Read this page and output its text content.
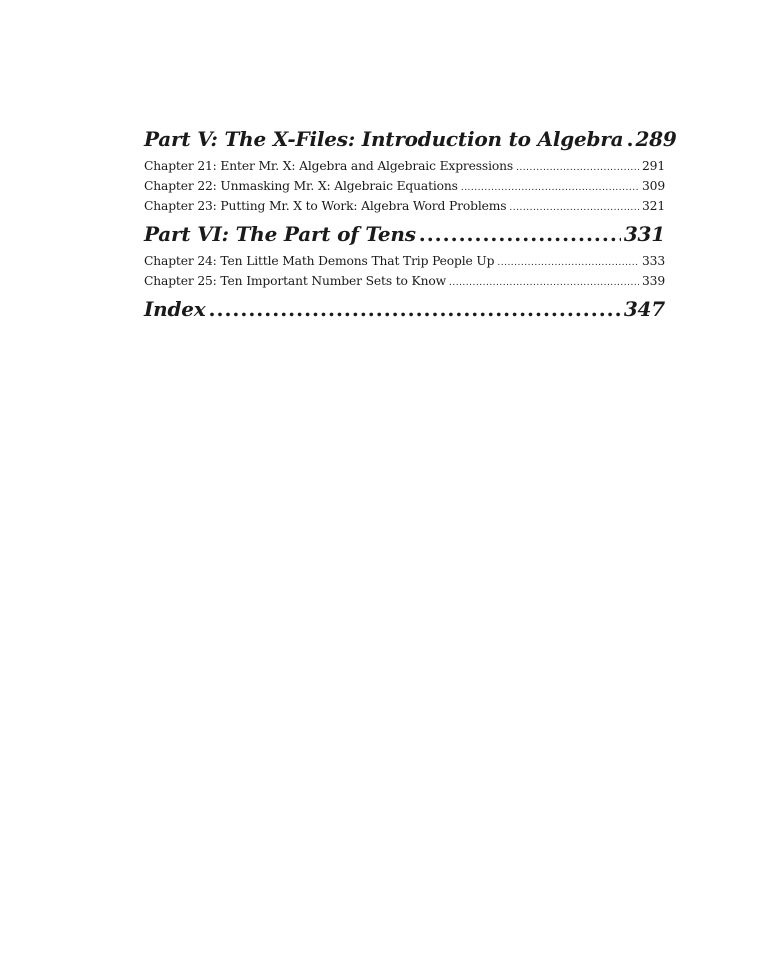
Part V: The X-Files: Introduction to Algebra ..... 289
Chapter 21: Enter Mr. X: Algebra and Algebraic Expressions .....	291
Chapter 22: Unmasking Mr. X: Algebraic Equations .....	309
Chapter 23: Putting Mr. X to Work: Algebra Word Problems .....	321
Part VI: The Part of Tens .....	331
Chapter 24: Ten Little Math Demons That Trip People Up .....	333
Chapter 25: Ten Important Number Sets to Know .....	339
Index .....	347
